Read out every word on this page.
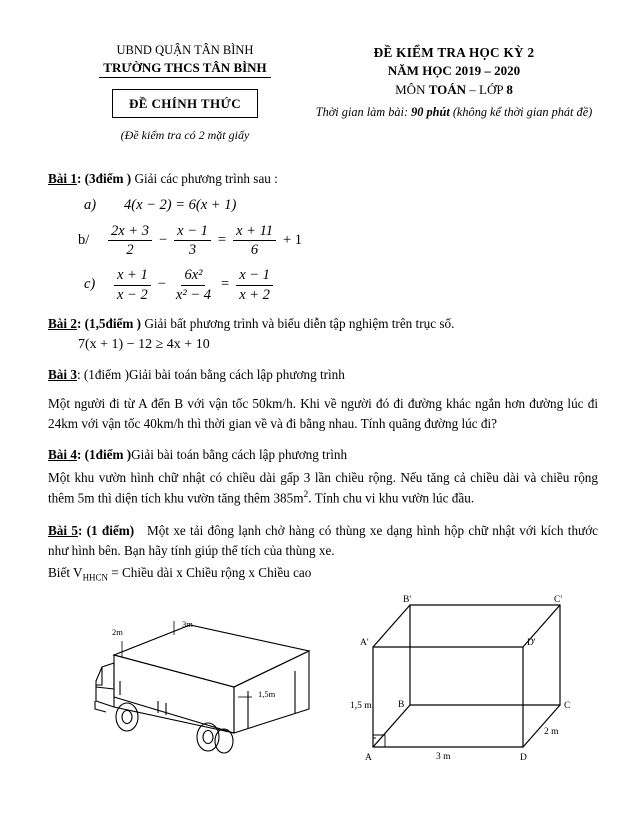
UBND QUẬN TÂN BÌNH
TRƯỜNG THCS TÂN BÌNH
ĐỀ CHÍNH THỨC
(Đề kiểm tra có 2 mặt giấy
ĐỀ KIỂM TRA HỌC KỲ 2
NĂM HỌC 2019 – 2020
MÔN TOÁN – LỚP 8
Thời gian làm bài: 90 phút (không kể thời gian phát đề)
Bài 1: (3điểm ) Giải các phương trình sau :
a)	4(x − 2) = 6(x + 1)
b/	$\frac{2x + 3}{2} - \frac{x - 1}{3} = \frac{x + 11}{6} + 1$
c)	$\frac{x + 1}{x - 2} - \frac{\text{6x²}}{\text{x² − 4}} = \frac{x - 1}{x + 2}$
Bài 2: (1,5điểm ) Giải bất phương trình và biểu diễn tập nghiệm trên trục số.
7(x + 1) − 12 ≥ 4x + 10
Bài 3: (1điểm )Giải bài toán bằng cách lập phương trình
Một người đi từ A đến B với vận tốc 50km/h. Khi về người đó đi đường khác ngắn hơn đường lúc đi 24km với vận tốc 40km/h thì thời gian về và đi bằng nhau. Tính quãng đường lúc đi?
Bài 4: (1điểm )Giải bài toán bằng cách lập phương trình
Một khu vườn hình chữ nhật có chiều dài gấp 3 lần chiều rộng. Nếu tăng cả chiều dài và chiều rộng thêm 5m thì diện tích khu vườn tăng thêm $385m^2$. Tính chu vi khu vườn lúc đầu.
Bài 5: (1 điểm) Một xe tải đông lạnh chở hàng có thùng xe dạng hình hộp chữ nhật với kích thước như hình bên. Bạn hãy tính giúp thể tích của thùng xe.
Biết $V_{HHCN}$ = Chiều dài x Chiều rộng x Chiều cao
2m
3m
1,5m
B'	C'
A'	D'
B	C
A	D
1,5 m
3 m
2 m
